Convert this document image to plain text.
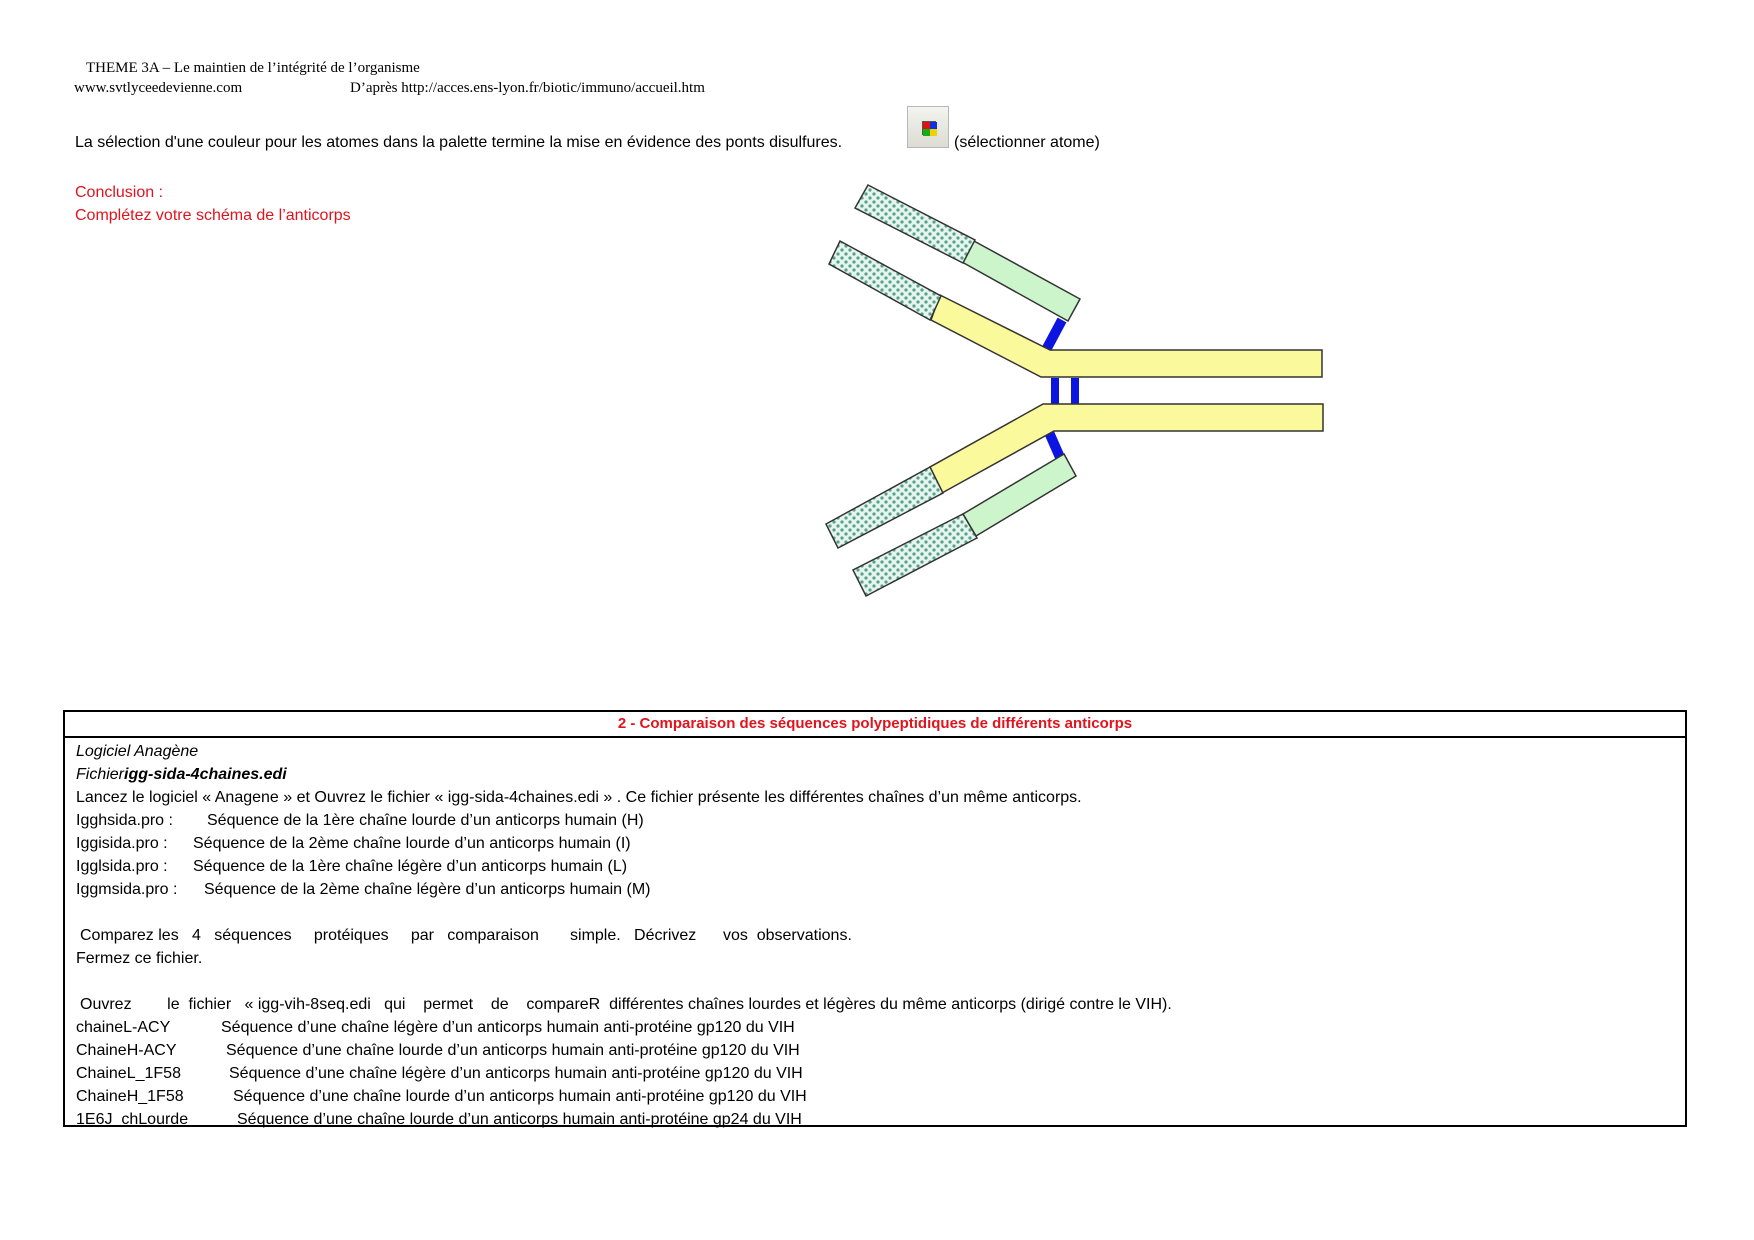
THEME 3A – Le maintien de l’intégrité de l’organisme
www.svtlyceedevienne.com	D’après http://acces.ens-lyon.fr/biotic/immuno/accueil.htm
La sélection d'une couleur pour les atomes dans la palette termine la mise en évidence des ponts disulfures.	(sélectionner atome)
Conclusion :
Complétez votre schéma de l’anticorps
2 - Comparaison des séquences polypeptidiques de différents anticorps
Logiciel Anagène
Fichier igg-sida-4chaines.edi
Lancez le logiciel « Anagene » et Ouvrez le fichier « igg-sida-4chaines.edi » . Ce fichier présente les différentes chaînes d’un même anticorps.
Igghsida.pro :	Séquence de la 1ère chaîne lourde d’un anticorps humain (H)
Iggisida.pro :	Séquence de la 2ème chaîne lourde d’un anticorps humain (I)
Igglsida.pro :	Séquence de la 1ère chaîne légère d’un anticorps humain (L)
Iggmsida.pro :	Séquence de la 2ème chaîne légère d’un anticorps humain (M)
Comparez les   4   séquences     protéiques     par   comparaison       simple.   Décrivez      vos  observations.
Fermez ce fichier.
Ouvrez        le  fichier   « igg-vih-8seq.edi   qui    permet    de    compareR  différentes chaînes lourdes et légères du même anticorps (dirigé contre le VIH).
chaineL-ACY	Séquence d’une chaîne légère d’un anticorps humain anti-protéine gp120 du VIH
ChaineH-ACY	Séquence d’une chaîne lourde d’un anticorps humain anti-protéine gp120 du VIH
ChaineL_1F58	Séquence d’une chaîne légère d’un anticorps humain anti-protéine gp120 du VIH
ChaineH_1F58	Séquence d’une chaîne lourde d’un anticorps humain anti-protéine gp120 du VIH
1E6J_chLourde	Séquence d’une chaîne lourde d’un anticorps humain anti-protéine gp24 du VIH
